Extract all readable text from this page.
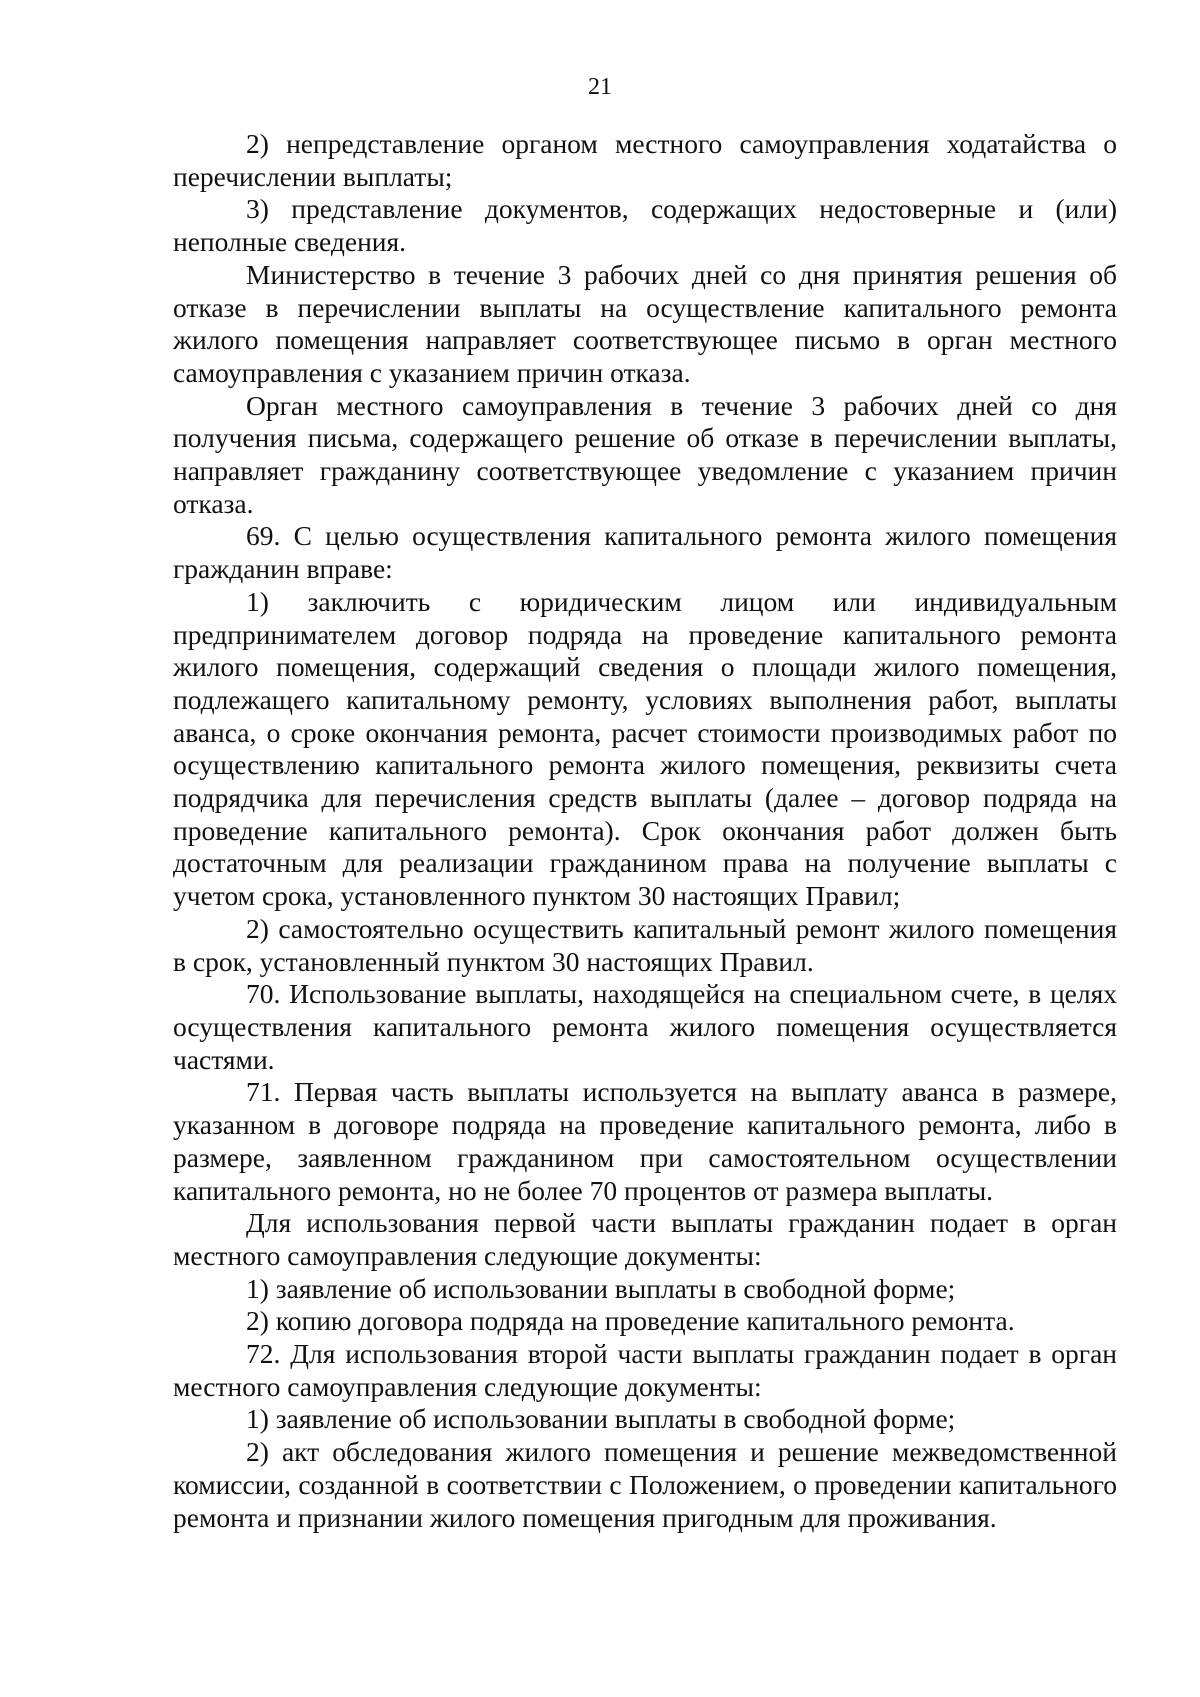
21

2) непредставление органом местного самоуправления ходатайства о перечислении выплаты;

3) представление документов, содержащих недостоверные и (или) неполные сведения.

Министерство в течение 3 рабочих дней со дня принятия решения об отказе в перечислении выплаты на осуществление капитального ремонта жилого помещения направляет соответствующее письмо в орган местного самоуправления с указанием причин отказа.

Орган местного самоуправления в течение 3 рабочих дней со дня получения письма, содержащего решение об отказе в перечислении выплаты, направляет гражданину соответствующее уведомление с указанием причин отказа.

69. С целью осуществления капитального ремонта жилого помещения гражданин вправе:

1) заключить с юридическим лицом или индивидуальным предпринимателем договор подряда на проведение капитального ремонта жилого помещения, содержащий сведения о площади жилого помещения, подлежащего капитальному ремонту, условиях выполнения работ, выплаты аванса, о сроке окончания ремонта, расчет стоимости производимых работ по осуществлению капитального ремонта жилого помещения, реквизиты счета подрядчика для перечисления средств выплаты (далее – договор подряда на проведение капитального ремонта). Срок окончания работ должен быть достаточным для реализации гражданином права на получение выплаты с учетом срока, установленного пунктом 30 настоящих Правил;

2) самостоятельно осуществить капитальный ремонт жилого помещения в срок, установленный пунктом 30 настоящих Правил.

70. Использование выплаты, находящейся на специальном счете, в целях осуществления капитального ремонта жилого помещения осуществляется частями.

71. Первая часть выплаты используется на выплату аванса в размере, указанном в договоре подряда на проведение капитального ремонта, либо в размере, заявленном гражданином при самостоятельном осуществлении капитального ремонта, но не более 70 процентов от размера выплаты.

Для использования первой части выплаты гражданин подает в орган местного самоуправления следующие документы:

1) заявление об использовании выплаты в свободной форме;

2) копию договора подряда на проведение капитального ремонта.

72. Для использования второй части выплаты гражданин подает в орган местного самоуправления следующие документы:

1) заявление об использовании выплаты в свободной форме;

2) акт обследования жилого помещения и решение межведомственной комиссии, созданной в соответствии с Положением, о проведении капитального ремонта и признании жилого помещения пригодным для проживания.
